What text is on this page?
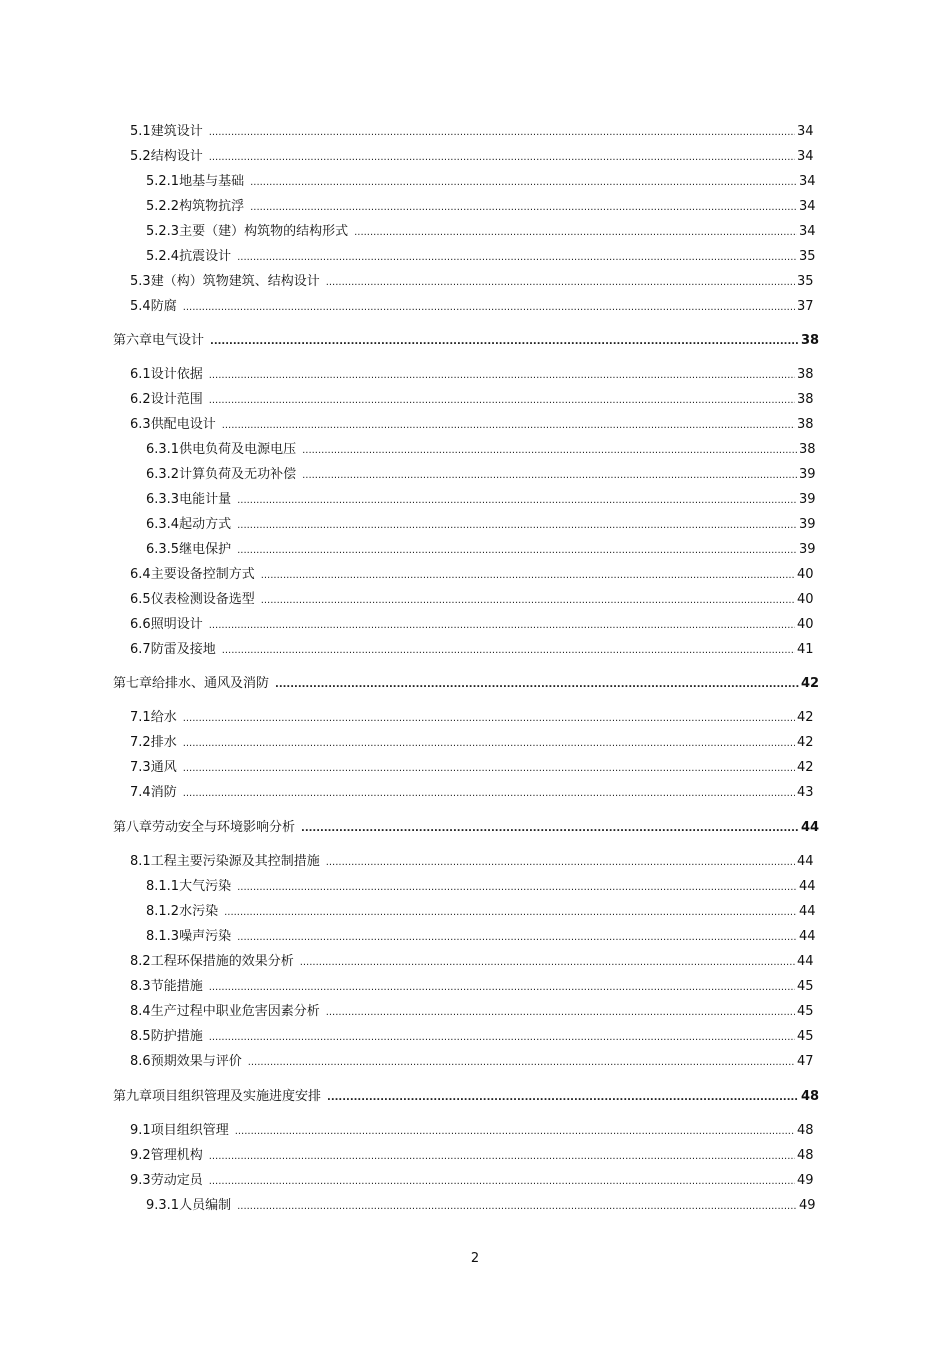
5.1 建筑设计 .....	34
5.2 结构设计 .....	34
5.2.1 地基与基础 .....	34
5.2.2 构筑物抗浮 .....	34
5.2.3 主要（建）构筑物的结构形式 .....	34
5.2.4 抗震设计 .....	35
5.3 建（构）筑物建筑、结构设计 .....	35
5.4 防腐 .....	37
第六章 电气设计 .....	38
6.1 设计依据 .....	38
6.2 设计范围 .....	38
6.3 供配电设计 .....	38
6.3.1 供电负荷及电源电压 .....	38
6.3.2 计算负荷及无功补偿 .....	39
6.3.3 电能计量 .....	39
6.3.4 起动方式 .....	39
6.3.5 继电保护 .....	39
6.4 主要设备控制方式 .....	40
6.5 仪表检测设备选型 .....	40
6.6 照明设计 .....	40
6.7 防雷及接地 .....	41
第七章 给排水、通风及消防 .....	42
7.1 给水 .....	42
7.2 排水 .....	42
7.3 通风 .....	42
7.4 消防 .....	43
第八章 劳动安全与环境影响分析 .....	44
8.1 工程主要污染源及其控制措施 .....	44
8.1.1 大气污染 .....	44
8.1.2 水污染 .....	44
8.1.3 噪声污染 .....	44
8.2 工程环保措施的效果分析 .....	44
8.3 节能措施 .....	45
8.4 生产过程中职业危害因素分析 .....	45
8.5 防护措施 .....	45
8.6 预期效果与评价 .....	47
第九章 项目组织管理及实施进度安排 .....	48
9.1 项目组织管理 .....	48
9.2 管理机构 .....	48
9.3 劳动定员 .....	49
9.3.1 人员编制 .....	49
2
